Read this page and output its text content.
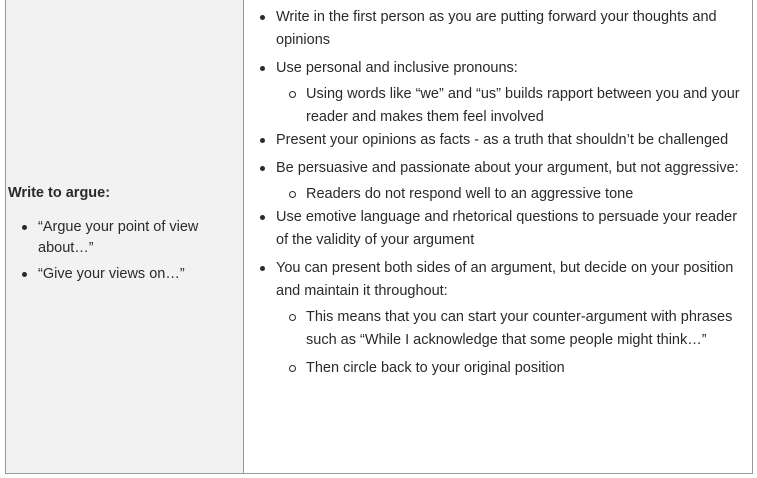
Write to argue:
“Argue your point of view about…”
“Give your views on…”
Write in the first person as you are putting forward your thoughts and opinions
Use personal and inclusive pronouns:
Using words like “we” and “us” builds rapport between you and your reader and makes them feel involved
Present your opinions as facts - as a truth that shouldn’t be challenged
Be persuasive and passionate about your argument, but not aggressive:
Readers do not respond well to an aggressive tone
Use emotive language and rhetorical questions to persuade your reader of the validity of your argument
You can present both sides of an argument, but decide on your position and maintain it throughout:
This means that you can start your counter-argument with phrases such as “While I acknowledge that some people might think…”
Then circle back to your original position
